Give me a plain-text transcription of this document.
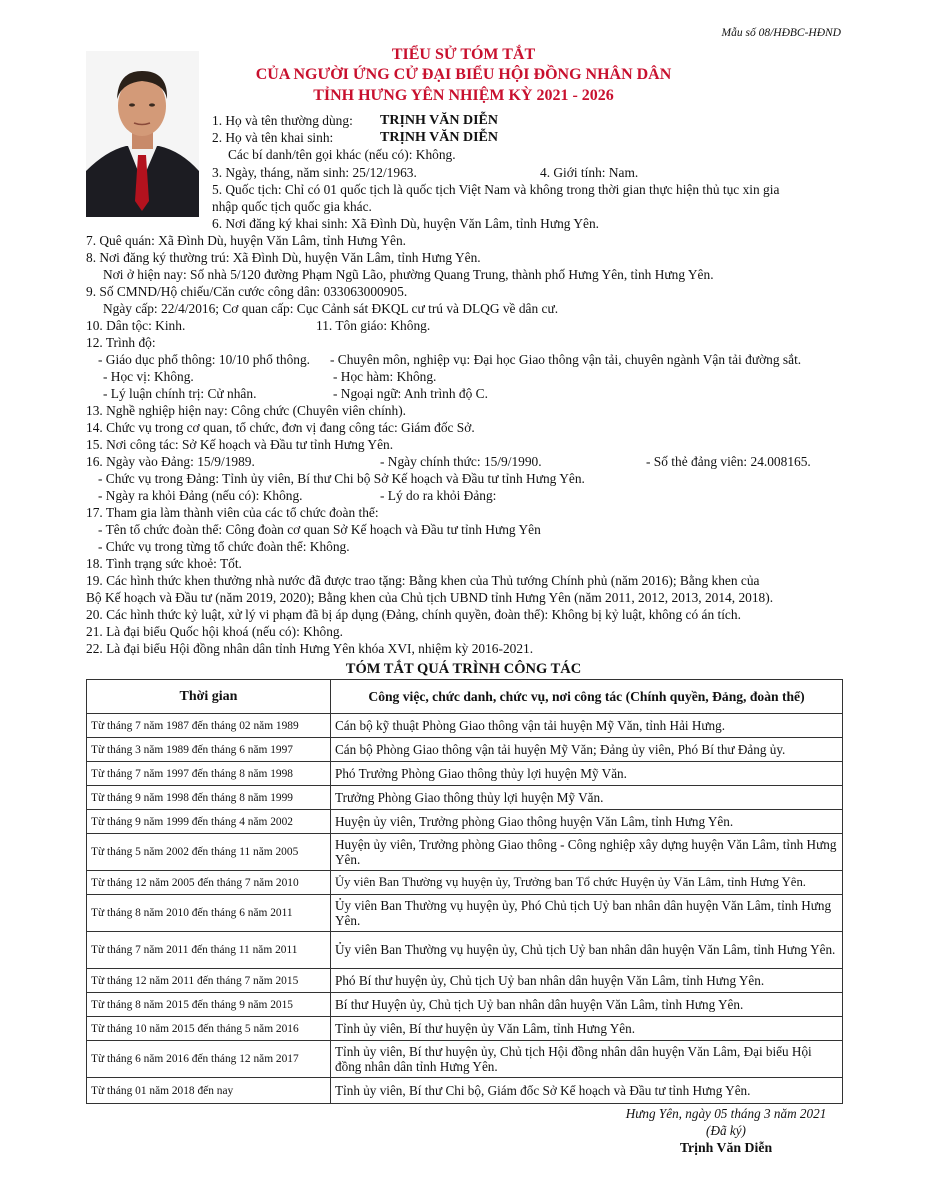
Mẫu số 08/HĐBC-HĐND
TIỂU SỬ TÓM TẮT
CỦA NGƯỜI ỨNG CỬ ĐẠI BIỂU HỘI ĐỒNG NHÂN DÂN
TỈNH HƯNG YÊN NHIỆM KỲ 2021 - 2026
1. Họ và tên thường dùng: TRỊNH VĂN DIỄN
2. Họ và tên khai sinh:	TRỊNH VĂN DIỄN
Các bí danh/tên gọi khác (nếu có): Không.
3. Ngày, tháng, năm sinh: 25/12/1963.	4. Giới tính: Nam.
5. Quốc tịch: Chỉ có 01 quốc tịch là quốc tịch Việt Nam và không trong thời gian thực hiện thủ tục xin gia
nhập quốc tịch quốc gia khác.
6. Nơi đăng ký khai sinh: Xã Đình Dù, huyện Văn Lâm, tỉnh Hưng Yên.
7. Quê quán: Xã Đình Dù, huyện Văn Lâm, tỉnh Hưng Yên.
8. Nơi đăng ký thường trú: Xã Đình Dù, huyện Văn Lâm, tỉnh Hưng Yên.
Nơi ở hiện nay: Số nhà 5/120 đường Phạm Ngũ Lão, phường Quang Trung, thành phố Hưng Yên, tỉnh Hưng Yên.
9. Số CMND/Hộ chiếu/Căn cước công dân: 033063000905.
Ngày cấp: 22/4/2016; Cơ quan cấp: Cục Cảnh sát ĐKQL cư trú và DLQG về dân cư.
10. Dân tộc: Kinh.	11. Tôn giáo: Không.
12. Trình độ:
- Giáo dục phổ thông: 10/10 phổ thông. - Chuyên môn, nghiệp vụ: Đại học Giao thông vận tải, chuyên ngành Vận tải đường sắt.
- Học vị: Không.	- Học hàm: Không.
- Lý luận chính trị: Cử nhân.	- Ngoại ngữ: Anh trình độ C.
13. Nghề nghiệp hiện nay: Công chức (Chuyên viên chính).
14. Chức vụ trong cơ quan, tổ chức, đơn vị đang công tác: Giám đốc Sở.
15. Nơi công tác: Sở Kế hoạch và Đầu tư tỉnh Hưng Yên.
16. Ngày vào Đảng: 15/9/1989.	- Ngày chính thức: 15/9/1990.	- Số thẻ đảng viên: 24.008165.
- Chức vụ trong Đảng: Tỉnh ủy viên, Bí thư Chi bộ Sở Kế hoạch và Đầu tư tỉnh Hưng Yên.
- Ngày ra khỏi Đảng (nếu có): Không.	- Lý do ra khỏi Đảng:
17. Tham gia làm thành viên của các tổ chức đoàn thể:
- Tên tổ chức đoàn thể: Công đoàn cơ quan Sở Kế hoạch và Đầu tư tỉnh Hưng Yên
- Chức vụ trong từng tổ chức đoàn thể: Không.
18. Tình trạng sức khoẻ: Tốt.
19. Các hình thức khen thưởng nhà nước đã được trao tặng: Bằng khen của Thủ tướng Chính phủ (năm 2016); Bằng khen của
Bộ Kế hoạch và Đầu tư (năm 2019, 2020); Bằng khen của Chủ tịch UBND tỉnh Hưng Yên (năm 2011, 2012, 2013, 2014, 2018).
20. Các hình thức kỷ luật, xử lý vi phạm đã bị áp dụng (Đảng, chính quyền, đoàn thể): Không bị kỷ luật, không có án tích.
21. Là đại biểu Quốc hội khoá (nếu có): Không.
22. Là đại biểu Hội đồng nhân dân tỉnh Hưng Yên khóa XVI, nhiệm kỳ 2016-2021.
TÓM TẮT QUÁ TRÌNH CÔNG TÁC
Thời gian	Công việc, chức danh, chức vụ, nơi công tác (Chính quyền, Đảng, đoàn thể)
Từ tháng 7 năm 1987 đến tháng 02 năm 1989	Cán bộ kỹ thuật Phòng Giao thông vận tải huyện Mỹ Văn, tỉnh Hải Hưng.
Từ tháng 3 năm 1989 đến tháng 6 năm 1997	Cán bộ Phòng Giao thông vận tải huyện Mỹ Văn; Đảng ủy viên, Phó Bí thư Đảng ủy.
Từ tháng 7 năm 1997 đến tháng 8 năm 1998	Phó Trưởng Phòng Giao thông thủy lợi huyện Mỹ Văn.
Từ tháng 9 năm 1998 đến tháng 8 năm 1999	Trưởng Phòng Giao thông thủy lợi huyện Mỹ Văn.
Từ tháng 9 năm 1999 đến tháng 4 năm 2002	Huyện ủy viên, Trưởng phòng Giao thông huyện Văn Lâm, tỉnh Hưng Yên.
Từ tháng 5 năm 2002 đến tháng 11 năm 2005	Huyện ủy viên, Trưởng phòng Giao thông - Công nghiệp xây dựng huyện Văn Lâm, tỉnh Hưng Yên.
Từ tháng 12 năm 2005 đến tháng 7 năm 2010	Ủy viên Ban Thường vụ huyện ủy, Trưởng ban Tổ chức Huyện ủy Văn Lâm, tỉnh Hưng Yên.
Từ tháng 8 năm 2010 đến tháng 6 năm 2011	Ủy viên Ban Thường vụ huyện ủy, Phó Chủ tịch Uỷ ban nhân dân huyện Văn Lâm, tỉnh Hưng Yên.
Từ tháng 7 năm 2011 đến tháng 11 năm 2011	Ủy viên Ban Thường vụ huyện ủy, Chủ tịch Uỷ ban nhân dân huyện Văn Lâm, tỉnh Hưng Yên.
Từ tháng 12 năm 2011 đến tháng 7 năm 2015	Phó Bí thư huyện ủy, Chủ tịch Uỷ ban nhân dân huyện Văn Lâm, tỉnh Hưng Yên.
Từ tháng 8 năm 2015 đến tháng 9 năm 2015	Bí thư Huyện ủy, Chủ tịch Uỷ ban nhân dân huyện Văn Lâm, tỉnh Hưng Yên.
Từ tháng 10 năm 2015 đến tháng 5 năm 2016	Tỉnh ủy viên, Bí thư huyện ủy Văn Lâm, tỉnh Hưng Yên.
Từ tháng 6 năm 2016 đến tháng 12 năm 2017	Tỉnh ủy viên, Bí thư huyện ủy, Chủ tịch Hội đồng nhân dân huyện Văn Lâm, Đại biểu Hội đồng nhân dân tỉnh Hưng Yên.
Từ tháng 01 năm 2018 đến nay	Tỉnh ủy viên, Bí thư Chi bộ, Giám đốc Sở Kế hoạch và Đầu tư tỉnh Hưng Yên.
Hưng Yên, ngày 05 tháng 3 năm 2021
(Đã ký)
Trịnh Văn Diễn
